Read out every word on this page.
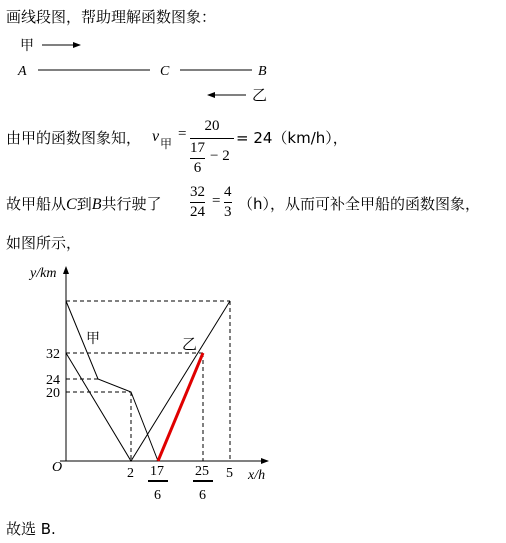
画线段图，帮助理解函数图象：
甲
A	C	B
乙
由甲的函数图象知， v 甲
=	20
17
6
− 2
= 24（km/h），
故甲船从C到B共行驶了
32
24
=
4
3 （h），从而可补全甲船的函数图象，
如图所示，
y/km
x/h
O
甲	乙
32
24
20
2	5
17
6
25
6
故选 B.
